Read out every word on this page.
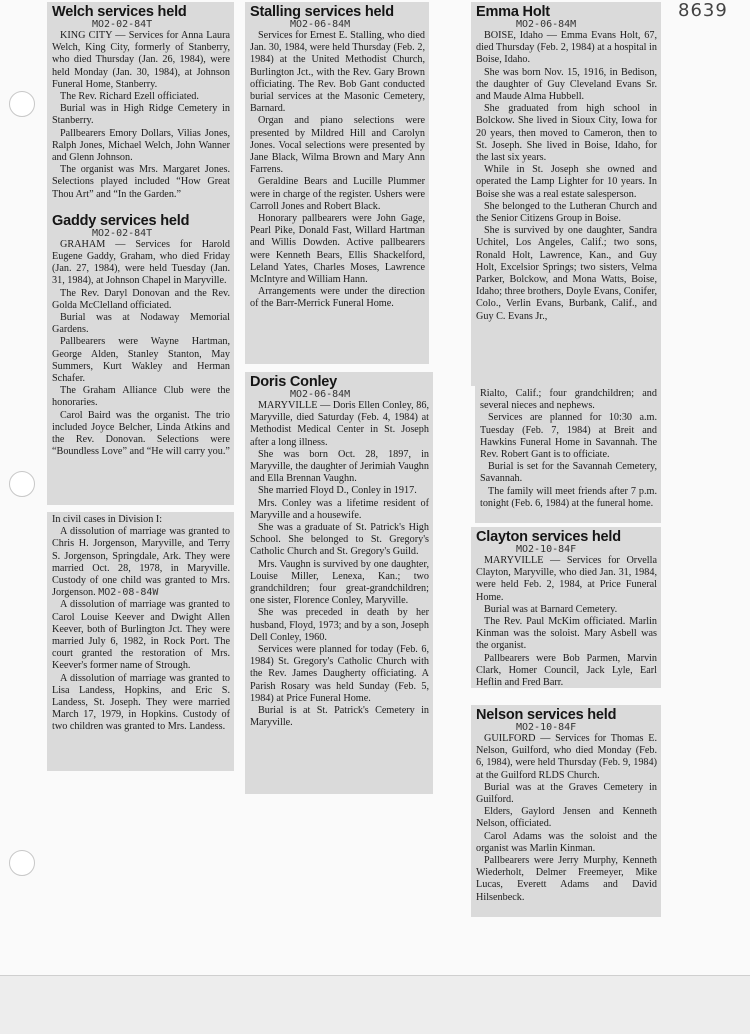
8639
Welch services held
MO2-02-84T

KING CITY — Services for Anna Laura Welch, King City, formerly of Stanberry, who died Thursday (Jan. 26, 1984), were held Monday (Jan. 30, 1984), at Johnson Funeral Home, Stanberry.

The Rev. Richard Ezell officiated.

Burial was in High Ridge Cemetery in Stanberry.

Pallbearers Emory Dollars, Vilias Jones, Ralph Jones, Michael Welch, John Wanner and Glenn Johnson.

The organist was Mrs. Margaret Jones. Selections played included “How Great Thou Art” and “In the Garden.”

Gaddy services held
MO2-02-84T

GRAHAM — Services for Harold Eugene Gaddy, Graham, who died Friday (Jan. 27, 1984), were held Tuesday (Jan. 31, 1984), at Johnson Chapel in Maryville.

The Rev. Daryl Donovan and the Rev. Golda McClelland officiated.

Burial was at Nodaway Memorial Gardens.

Pallbearers were Wayne Hartman, George Alden, Stanley Stanton, May Summers, Kurt Wakley and Herman Schafer.

The Graham Alliance Club were the honoraries.

Carol Baird was the organist. The trio included Joyce Belcher, Linda Atkins and the Rev. Donovan. Selections were “Boundless Love” and “He will carry you.”

In civil cases in Division I:

A dissolution of marriage was granted to Chris H. Jorgenson, Maryville, and Terry S. Jorgenson, Springdale, Ark. They were married Oct. 28, 1978, in Maryville. Custody of one child was granted to Mrs. Jorgenson. MO2-08-84W

A dissolution of marriage was granted to Carol Louise Keever and Dwight Allen Keever, both of Burlington Jct. They were married July 6, 1982, in Rock Port. The court granted the restoration of Mrs. Keever's former name of Strough.

A dissolution of marriage was granted to Lisa Landess, Hopkins, and Eric S. Landess, St. Joseph. They were married March 17, 1979, in Hopkins. Custody of two children was granted to Mrs. Landess.

Stalling services held
MO2-06-84M

Services for Ernest E. Stalling, who died Jan. 30, 1984, were held Thursday (Feb. 2, 1984) at the United Methodist Church, Burlington Jct., with the Rev. Gary Brown officiating. The Rev. Bob Gant conducted burial services at the Masonic Cemetery, Barnard.

Organ and piano selections were presented by Mildred Hill and Carolyn Jones. Vocal selections were presented by Jane Black, Wilma Brown and Mary Ann Farrens.

Geraldine Bears and Lucille Plummer were in charge of the register. Ushers were Carroll Jones and Robert Black.

Honorary pallbearers were John Gage, Pearl Pike, Donald Fast, Willard Hartman and Willis Dowden. Active pallbearers were Kenneth Bears, Ellis Shackelford, Leland Yates, Charles Moses, Lawrence McIntyre and William Hann.

Arrangements were under the direction of the Barr-Merrick Funeral Home.

Doris Conley
MO2-06-84M

MARYVILLE — Doris Ellen Conley, 86, Maryville, died Saturday (Feb. 4, 1984) at Methodist Medical Center in St. Joseph after a long illness.

She was born Oct. 28, 1897, in Maryville, the daughter of Jerimiah Vaughn and Ella Brennan Vaughn.

She married Floyd D., Conley in 1917.

Mrs. Conley was a lifetime resident of Maryville and a housewife.

She was a graduate of St. Patrick's High School. She belonged to St. Gregory's Catholic Church and St. Gregory's Guild.

Mrs. Vaughn is survived by one daughter, Louise Miller, Lenexa, Kan.; two grandchildren; four great-grandchildren; one sister, Florence Conley, Maryville.

She was preceded in death by her husband, Floyd, 1973; and by a son, Joseph Dell Conley, 1960.

Services were planned for today (Feb. 6, 1984) St. Gregory's Catholic Church with the Rev. James Daugherty officiating. A Parish Rosary was held Sunday (Feb. 5, 1984) at Price Funeral Home.

Burial is at St. Patrick's Cemetery in Maryville.

Emma Holt
MO2-06-84M

BOISE, Idaho — Emma Evans Holt, 67, died Thursday (Feb. 2, 1984) at a hospital in Boise, Idaho.

She was born Nov. 15, 1916, in Bedison, the daughter of Guy Cleveland Evans Sr. and Maude Alma Hubbell.

She graduated from high school in Bolckow. She lived in Sioux City, Iowa for 20 years, then moved to Cameron, then to St. Joseph. She lived in Boise, Idaho, for the last six years.

While in St. Joseph she owned and operated the Lamp Lighter for 10 years. In Boise she was a real estate salesperson.

She belonged to the Lutheran Church and the Senior Citizens Group in Boise.

She is survived by one daughter, Sandra Uchitel, Los Angeles, Calif.; two sons, Ronald Holt, Lawrence, Kan., and Guy Holt, Excelsior Springs; two sisters, Velma Parker, Bolckow, and Mona Watts, Boise, Idaho; three brothers, Doyle Evans, Conifer, Colo., Verlin Evans, Burbank, Calif., and Guy C. Evans Jr.,

Rialto, Calif.; four grandchildren; and several nieces and nephews.

Services are planned for 10:30 a.m. Tuesday (Feb. 7, 1984) at Breit and Hawkins Funeral Home in Savannah. The Rev. Robert Gant is to officiate.

Burial is set for the Savannah Cemetery, Savannah.

The family will meet friends after 7 p.m. tonight (Feb. 6, 1984) at the funeral home.

Clayton services held
MO2-10-84F

MARYVILLE — Services for Orvella Clayton, Maryville, who died Jan. 31, 1984, were held Feb. 2, 1984, at Price Funeral Home.

Burial was at Barnard Cemetery.

The Rev. Paul McKim officiated. Marlin Kinman was the soloist. Mary Asbell was the organist.

Pallbearers were Bob Parmen, Marvin Clark, Homer Council, Jack Lyle, Earl Heflin and Fred Barr.

Nelson services held
MO2-10-84F

GUILFORD — Services for Thomas E. Nelson, Guilford, who died Monday (Feb. 6, 1984), were held Thursday (Feb. 9, 1984) at the Guilford RLDS Church.

Burial was at the Graves Cemetery in Guilford.

Elders, Gaylord Jensen and Kenneth Nelson, officiated.

Carol Adams was the soloist and the organist was Marlin Kinman.

Pallbearers were Jerry Murphy, Kenneth Wiederholt, Delmer Freemeyer, Mike Lucas, Everett Adams and David Hilsenbeck.
